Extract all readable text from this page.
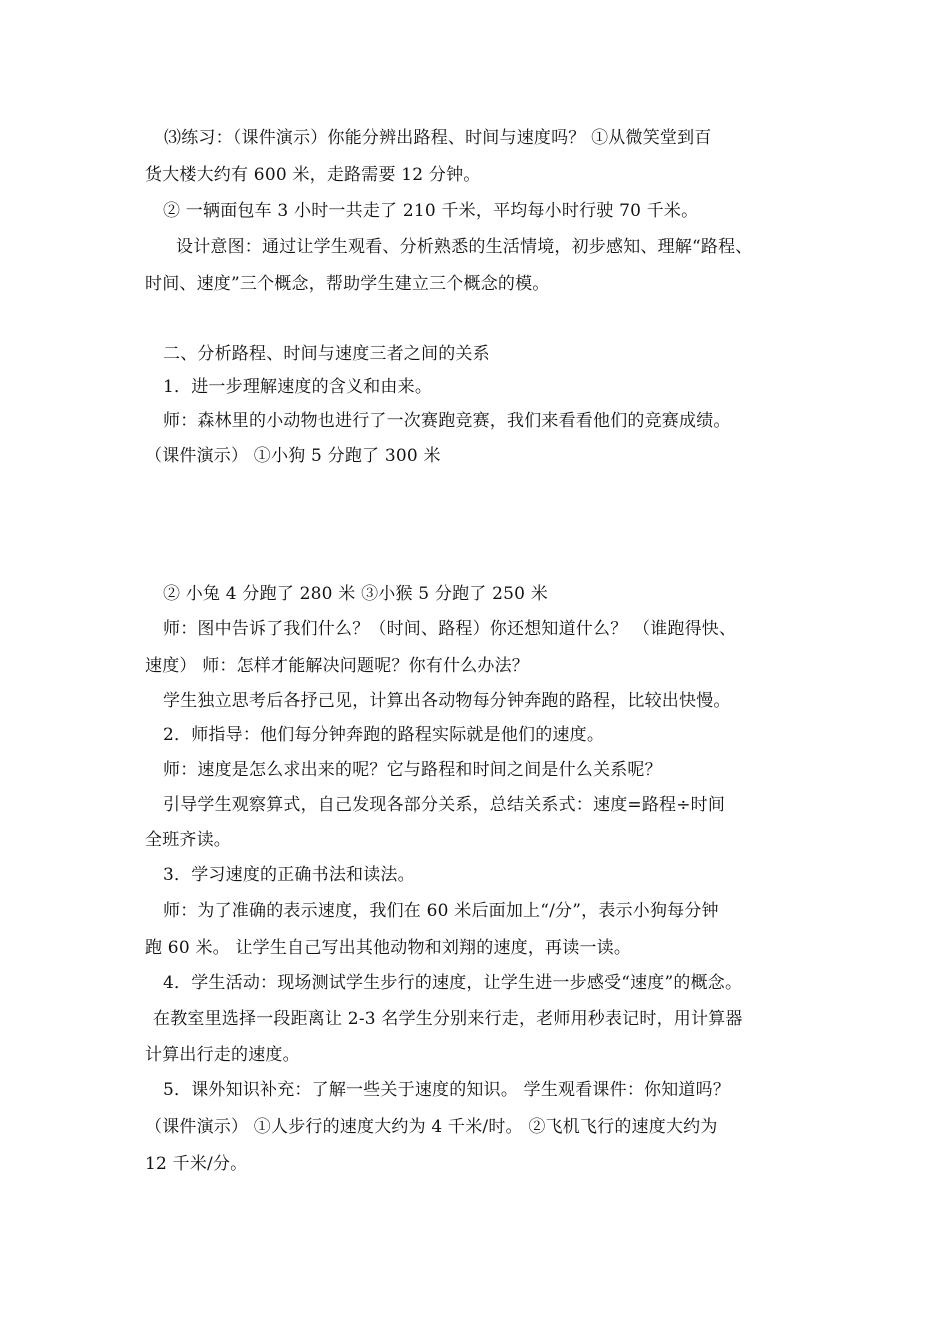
⑶练习：（课件演示）你能分辨出路程、时间与速度吗？ ①从微笑堂到百
货大楼大约有 600 米，走路需要 12 分钟。
② 一辆面包车 3 小时一共走了 210 千米，平均每小时行驶 70 千米。
设计意图：通过让学生观看、分析熟悉的生活情境，初步感知、理解“路程、
时间、速度”三个概念，帮助学生建立三个概念的模。
二、分析路程、时间与速度三者之间的关系
1．进一步理解速度的含义和由来。
师：森林里的小动物也进行了一次赛跑竞赛，我们来看看他们的竞赛成绩。
（课件演示） ①小狗 5 分跑了 300 米
② 小兔 4 分跑了 280 米 ③小猴 5 分跑了 250 米
师：图中告诉了我们什么？（时间、路程）你还想知道什么？ （谁跑得快、
速度） 师：怎样才能解决问题呢？你有什么办法？
学生独立思考后各抒己见，计算出各动物每分钟奔跑的路程，比较出快慢。
2．师指导：他们每分钟奔跑的路程实际就是他们的速度。
师：速度是怎么求出来的呢？它与路程和时间之间是什么关系呢？
引导学生观察算式，自己发现各部分关系，总结关系式：速度=路程÷时间
全班齐读。
3．学习速度的正确书法和读法。
师：为了准确的表示速度，我们在 60 米后面加上“/分”，表示小狗每分钟
跑 60 米。 让学生自己写出其他动物和刘翔的速度，再读一读。
4．学生活动：现场测试学生步行的速度，让学生进一步感受“速度”的概念。
在教室里选择一段距离让 2-3 名学生分别来行走，老师用秒表记时，用计算器
计算出行走的速度。
5．课外知识补充：了解一些关于速度的知识。 学生观看课件：你知道吗？
（课件演示） ①人步行的速度大约为 4 千米/时。 ②飞机飞行的速度大约为
12 千米/分。
